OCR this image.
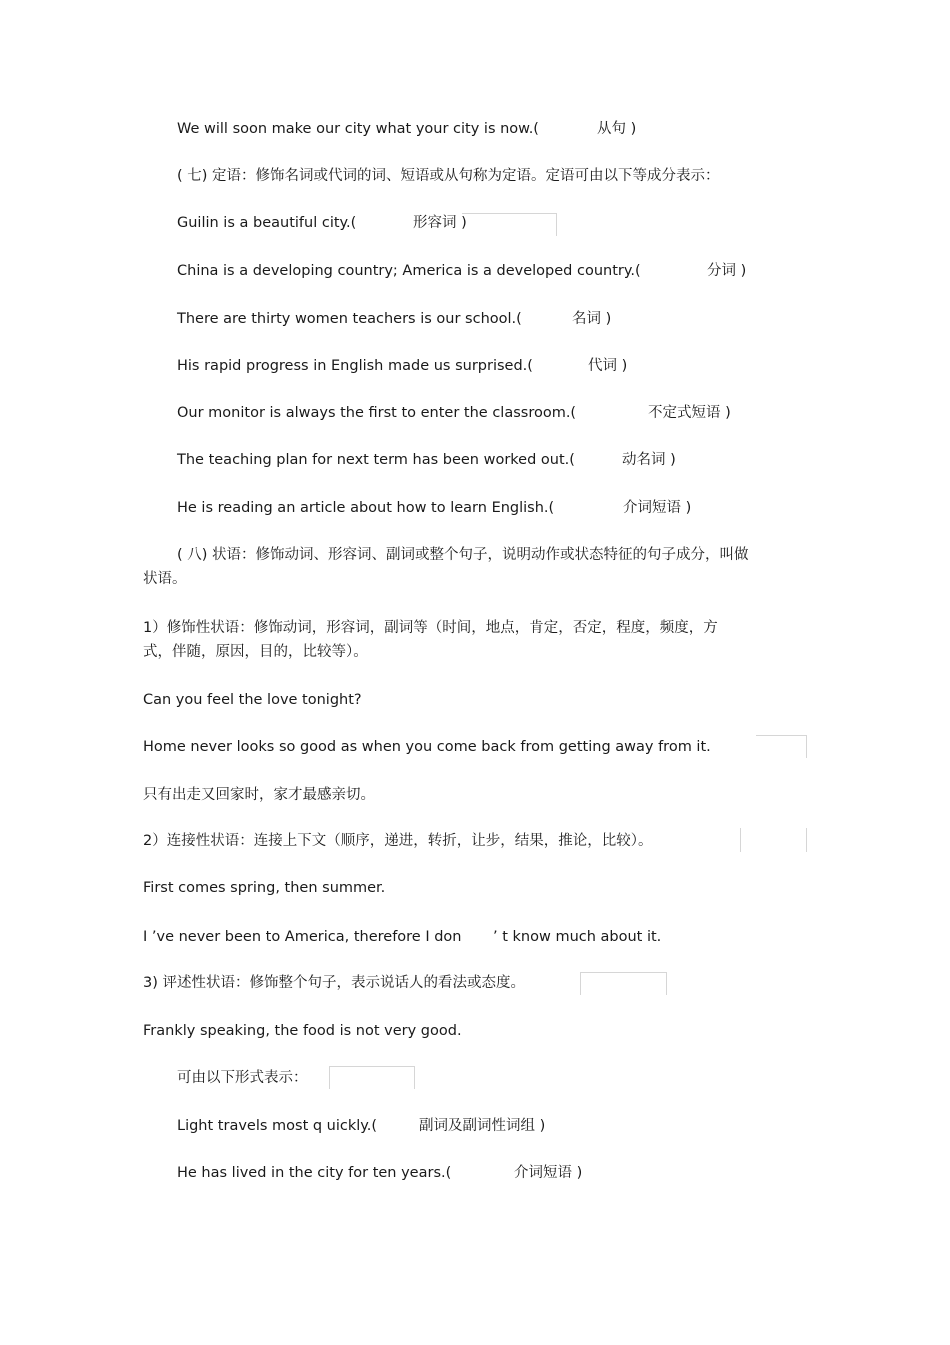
We will soon make our city what your city is now.(	从句 )
( 七) 定语：修饰名词或代词的词、短语或从句称为定语。定语可由以下等成分表示：
Guilin is a beautiful city.(	形容词 )
China is a developing country; America is a developed country.(	分词 )
There are thirty women teachers is our school.(	名词 )
His rapid progress in English made us surprised.(	代词 )
Our monitor is always the first to enter the classroom.(	不定式短语 )
The teaching plan for next term has been worked out.(	动名词 )
He is reading an article about how to learn English.(	介词短语 )
( 八) 状语：修饰动词、形容词、副词或整个句子，说明动作或状态特征的句子成分，叫做状语。
1）修饰性状语：修饰动词，形容词，副词等（时间，地点，肯定，否定，程度，频度，方式，伴随，原因，目的，比较等）。
Can you feel the love tonight?
Home never looks so good as when you come back from getting away from it.
只有出走又回家时，家才最感亲切。
2）连接性状语：连接上下文（顺序，递进，转折，让步，结果，推论，比较）。
First comes spring, then summer.
I ’ve never been to America, therefore I don ’ t know much about it.
3) 评述性状语：修饰整个句子，表示说话人的看法或态度。
Frankly speaking, the food is not very good.
可由以下形式表示：
Light travels most q uickly.(	副词及副词性词组 )
He has lived in the city for ten years.(	介词短语 )
